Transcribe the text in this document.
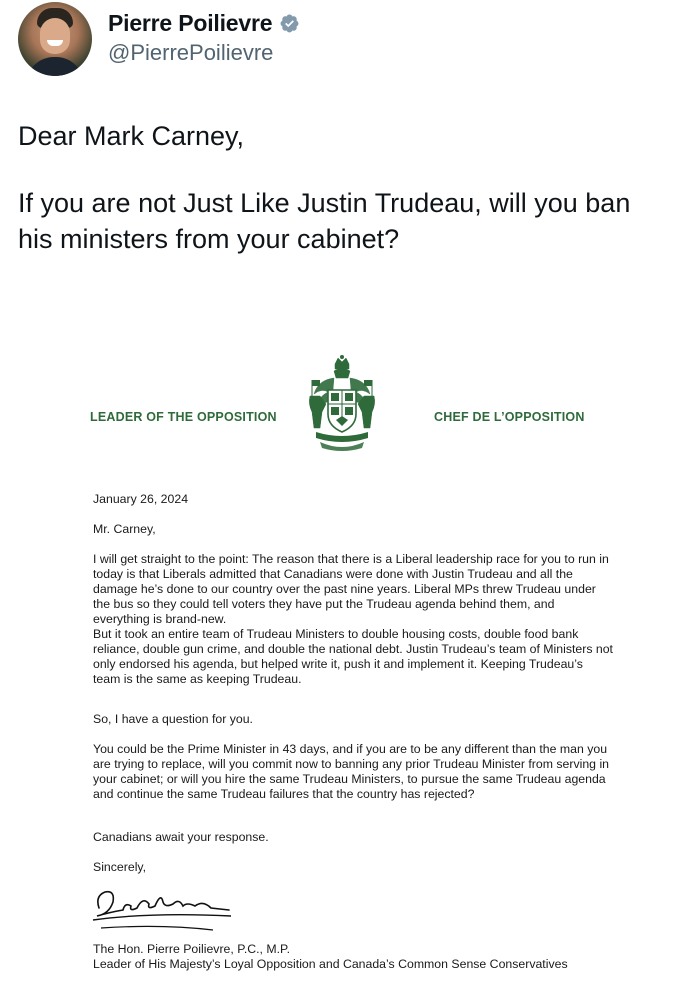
Pierre Poilievre
@PierrePoilievre

Dear Mark Carney,

If you are not Just Like Justin Trudeau, will you ban his ministers from your cabinet?

LEADER OF THE OPPOSITION	CHEF DE L’OPPOSITION
January 26, 2024
Mr. Carney,
I will get straight to the point: The reason that there is a Liberal leadership race for you to run in today is that Liberals admitted that Canadians were done with Justin Trudeau and all the damage he’s done to our country over the past nine years. Liberal MPs threw Trudeau under the bus so they could tell voters they have put the Trudeau agenda behind them, and everything is brand-new.
But it took an entire team of Trudeau Ministers to double housing costs, double food bank reliance, double gun crime, and double the national debt. Justin Trudeau’s team of Ministers not only endorsed his agenda, but helped write it, push it and implement it. Keeping Trudeau’s team is the same as keeping Trudeau.
So, I have a question for you.
You could be the Prime Minister in 43 days, and if you are to be any different than the man you are trying to replace, will you commit now to banning any prior Trudeau Minister from serving in your cabinet; or will you hire the same Trudeau Ministers, to pursue the same Trudeau agenda and continue the same Trudeau failures that the country has rejected?
Canadians await your response.
Sincerely,
The Hon. Pierre Poilievre, P.C., M.P.
Leader of His Majesty’s Loyal Opposition and Canada’s Common Sense Conservatives
